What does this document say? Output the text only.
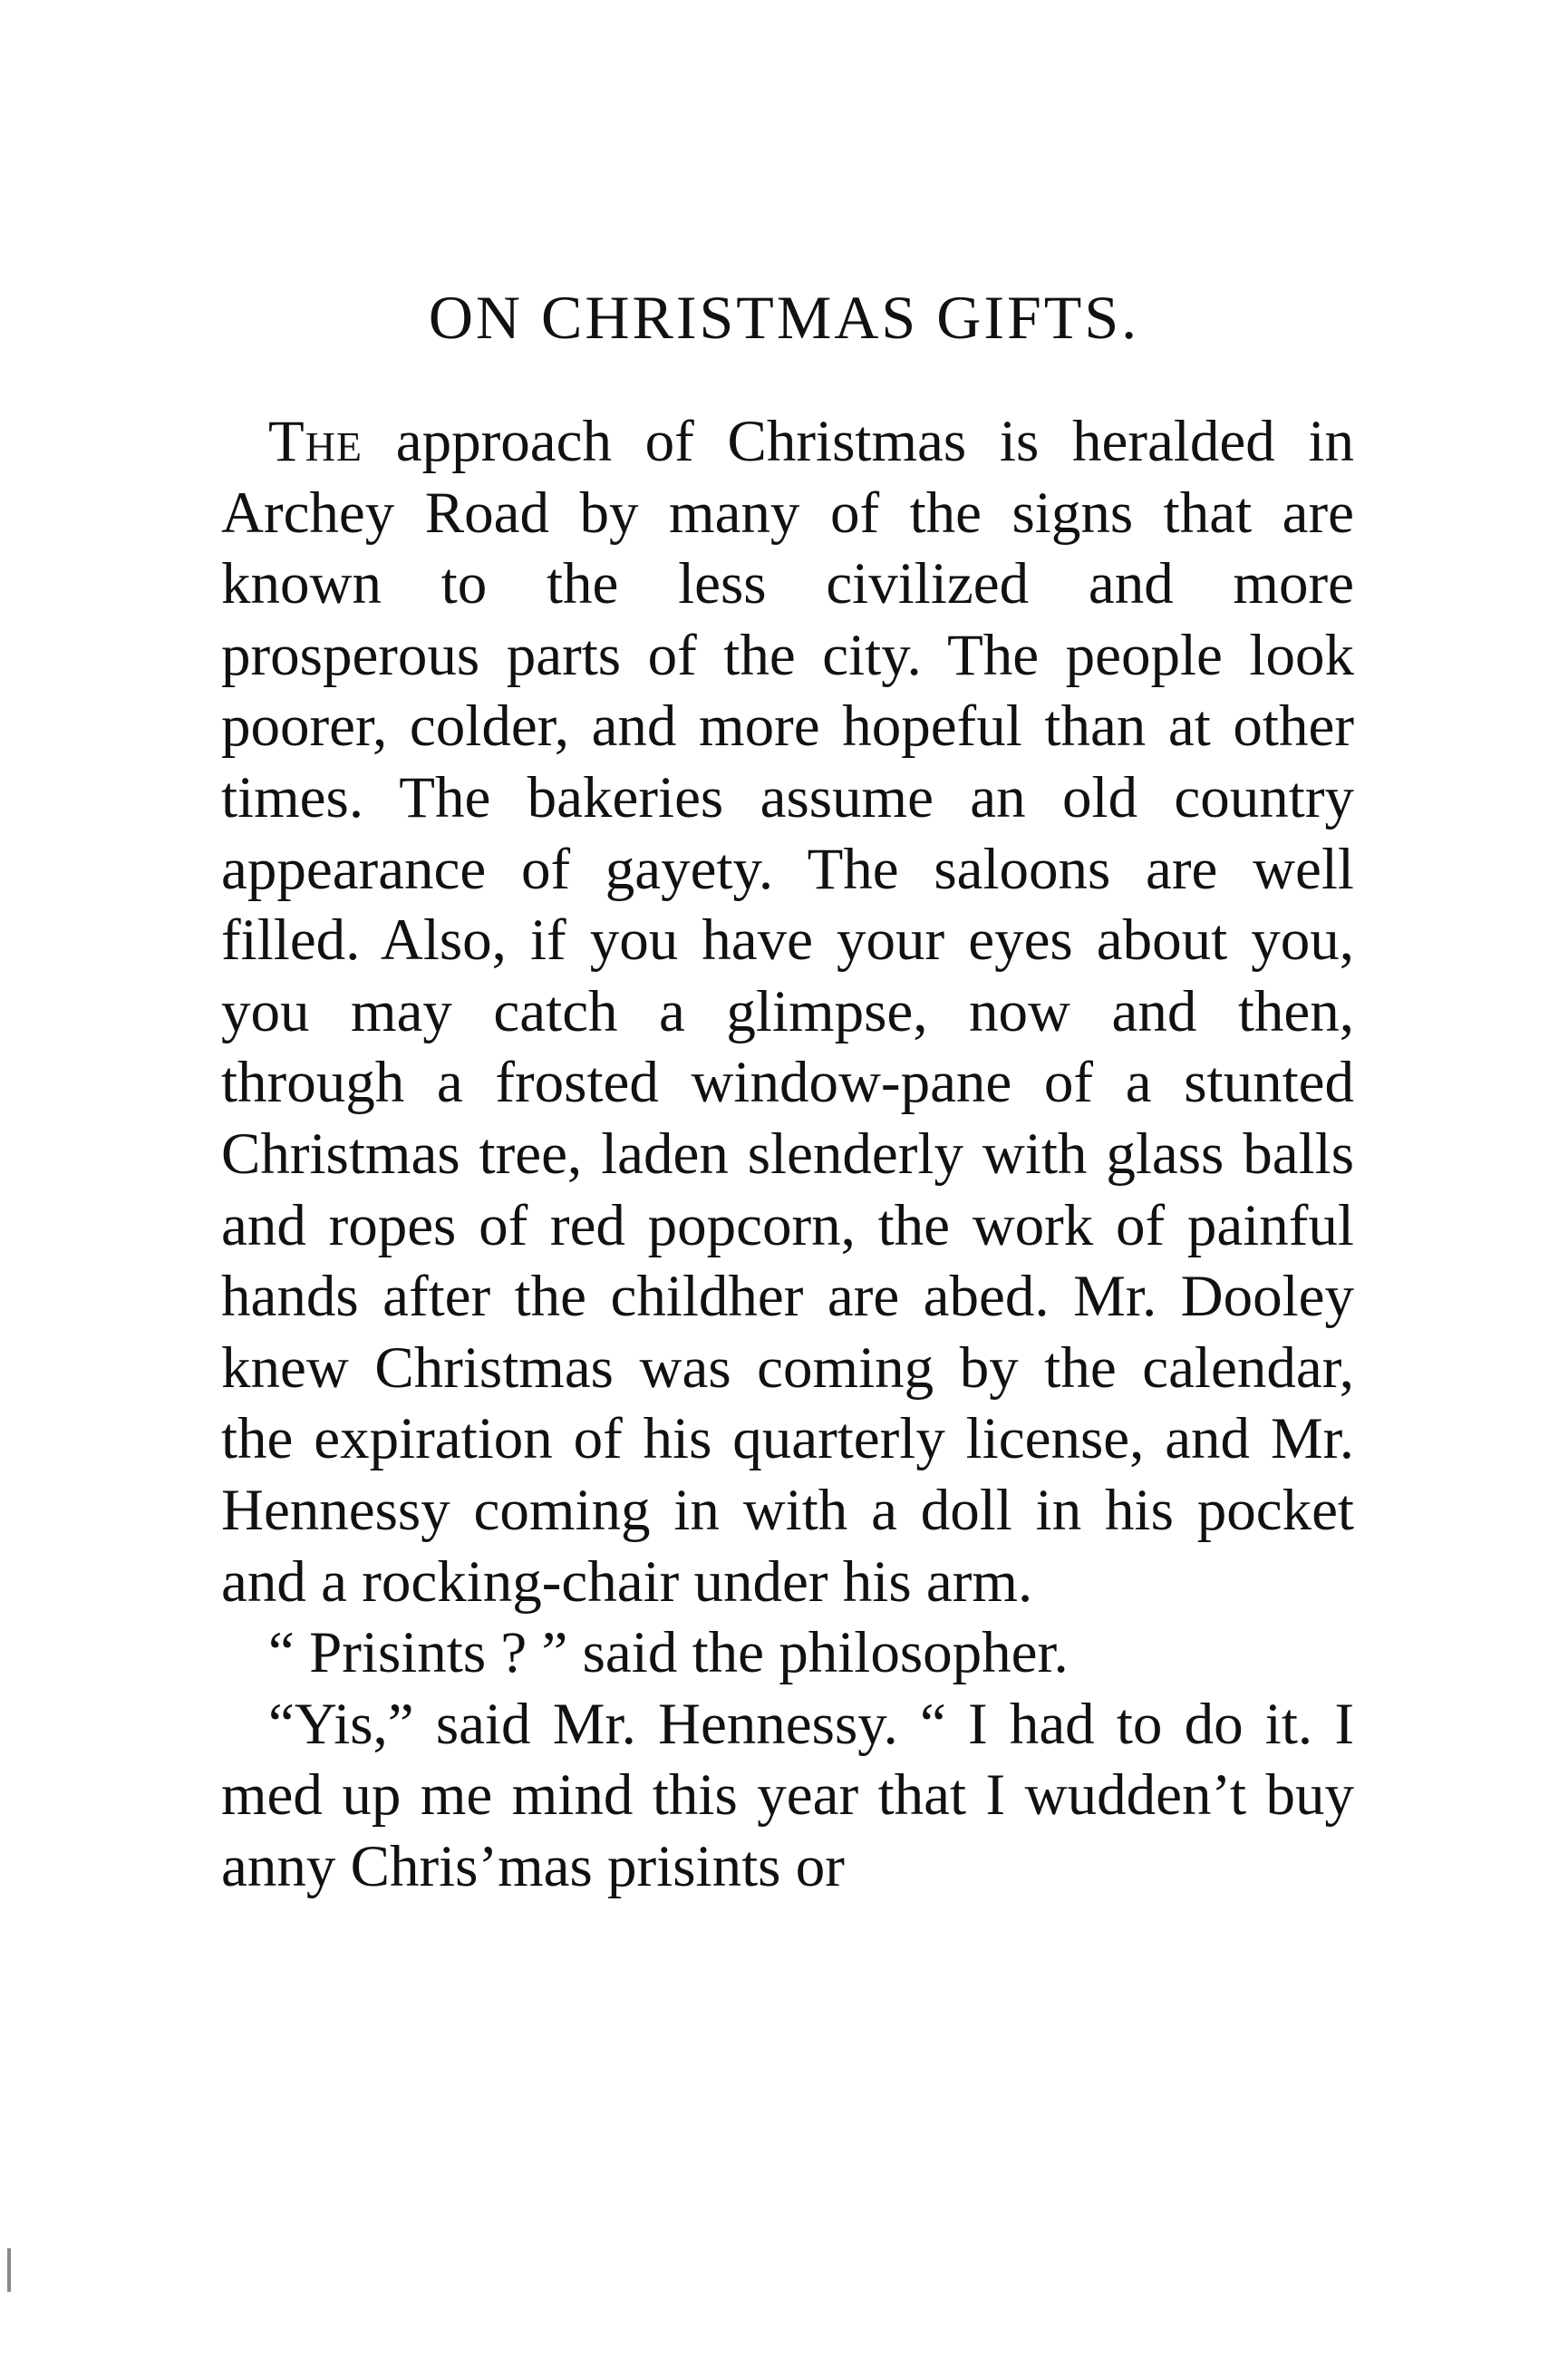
ON CHRISTMAS GIFTS.

The approach of Christmas is heralded in Archey Road by many of the signs that are known to the less civilized and more prosperous parts of the city. The people look poorer, colder, and more hopeful than at other times. The bakeries assume an old country appearance of gayety. The saloons are well filled. Also, if you have your eyes about you, you may catch a glimpse, now and then, through a frosted window-pane of a stunted Christmas tree, laden slenderly with glass balls and ropes of red popcorn, the work of painful hands after the childher are abed. Mr. Dooley knew Christmas was coming by the calendar, the expiration of his quarterly license, and Mr. Hennessy coming in with a doll in his pocket and a rocking-chair under his arm.

“ Prisints ? ” said the philosopher.

“Yis,” said Mr. Hennessy. “ I had to do it. I med up me mind this year that I wudden’t buy anny Chris’mas prisints or
